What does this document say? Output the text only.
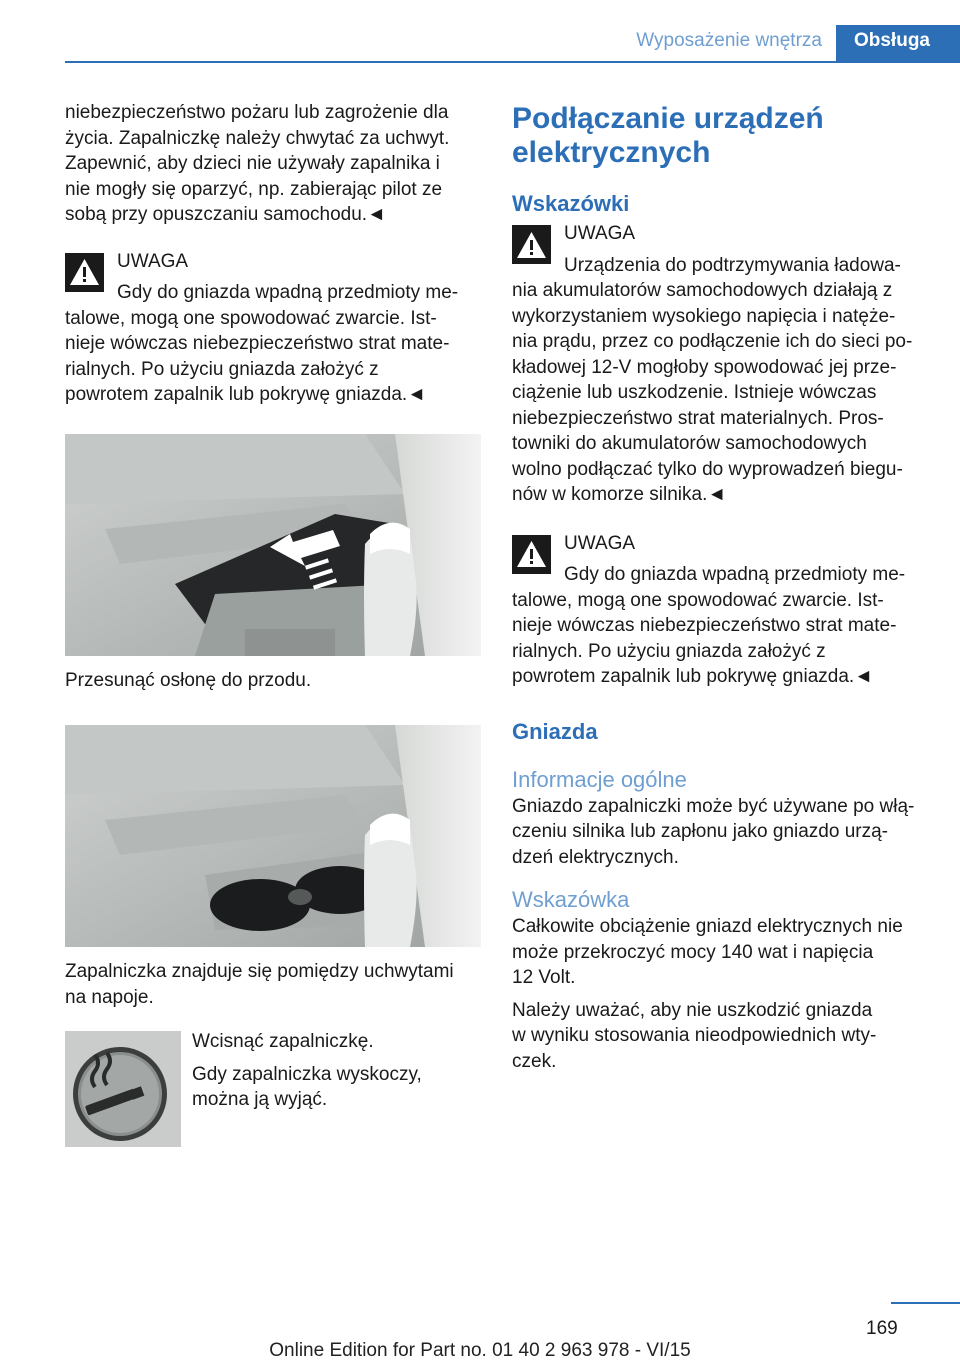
Wyposażenie wnętrza	Obsługa

niebezpieczeństwo pożaru lub zagrożenie dla
życia. Zapalniczkę należy chwytać za uchwyt.
Zapewnić, aby dzieci nie używały zapalnika i
nie mogły się oparzyć, np. zabierając pilot ze
sobą przy opuszczaniu samochodu.◄

UWAGA

Gdy do gniazda wpadną przedmioty me‐

talowe, mogą one spowodować zwarcie. Ist‐
nieje wówczas niebezpieczeństwo strat mate‐
rialnych. Po użyciu gniazda założyć z
powrotem zapalnik lub pokrywę gniazda.◄

Przesunąć osłonę do przodu.

Zapalniczka znajduje się pomiędzy uchwytami
na napoje.

Wcisnąć zapalniczkę.

Gdy zapalniczka wyskoczy,
można ją wyjąć.

Podłączanie urządzeń
elektrycznych

Wskazówki

UWAGA

Urządzenia do podtrzymywania ładowa‐

nia akumulatorów samochodowych działają z
wykorzystaniem wysokiego napięcia i natęże‐
nia prądu, przez co podłączenie ich do sieci po‐
kładowej 12‑V mogłoby spowodować jej prze‐
ciążenie lub uszkodzenie. Istnieje wówczas
niebezpieczeństwo strat materialnych. Pros‐
towniki do akumulatorów samochodowych
wolno podłączać tylko do wyprowadzeń biegu‐
nów w komorze silnika.◄

UWAGA

Gdy do gniazda wpadną przedmioty me‐

talowe, mogą one spowodować zwarcie. Ist‐
nieje wówczas niebezpieczeństwo strat mate‐
rialnych. Po użyciu gniazda założyć z
powrotem zapalnik lub pokrywę gniazda.◄

Gniazda

Informacje ogólne

Gniazdo zapalniczki może być używane po włą‐
czeniu silnika lub zapłonu jako gniazdo urzą‐
dzeń elektrycznych.

Wskazówka

Całkowite obciążenie gniazd elektrycznych nie
może przekroczyć mocy 140 wat i napięcia
12 Volt.

Należy uważać, aby nie uszkodzić gniazda
w wyniku stosowania nieodpowiednich wty‐
czek.

169
Online Edition for Part no. 01 40 2 963 978 - VI/15
